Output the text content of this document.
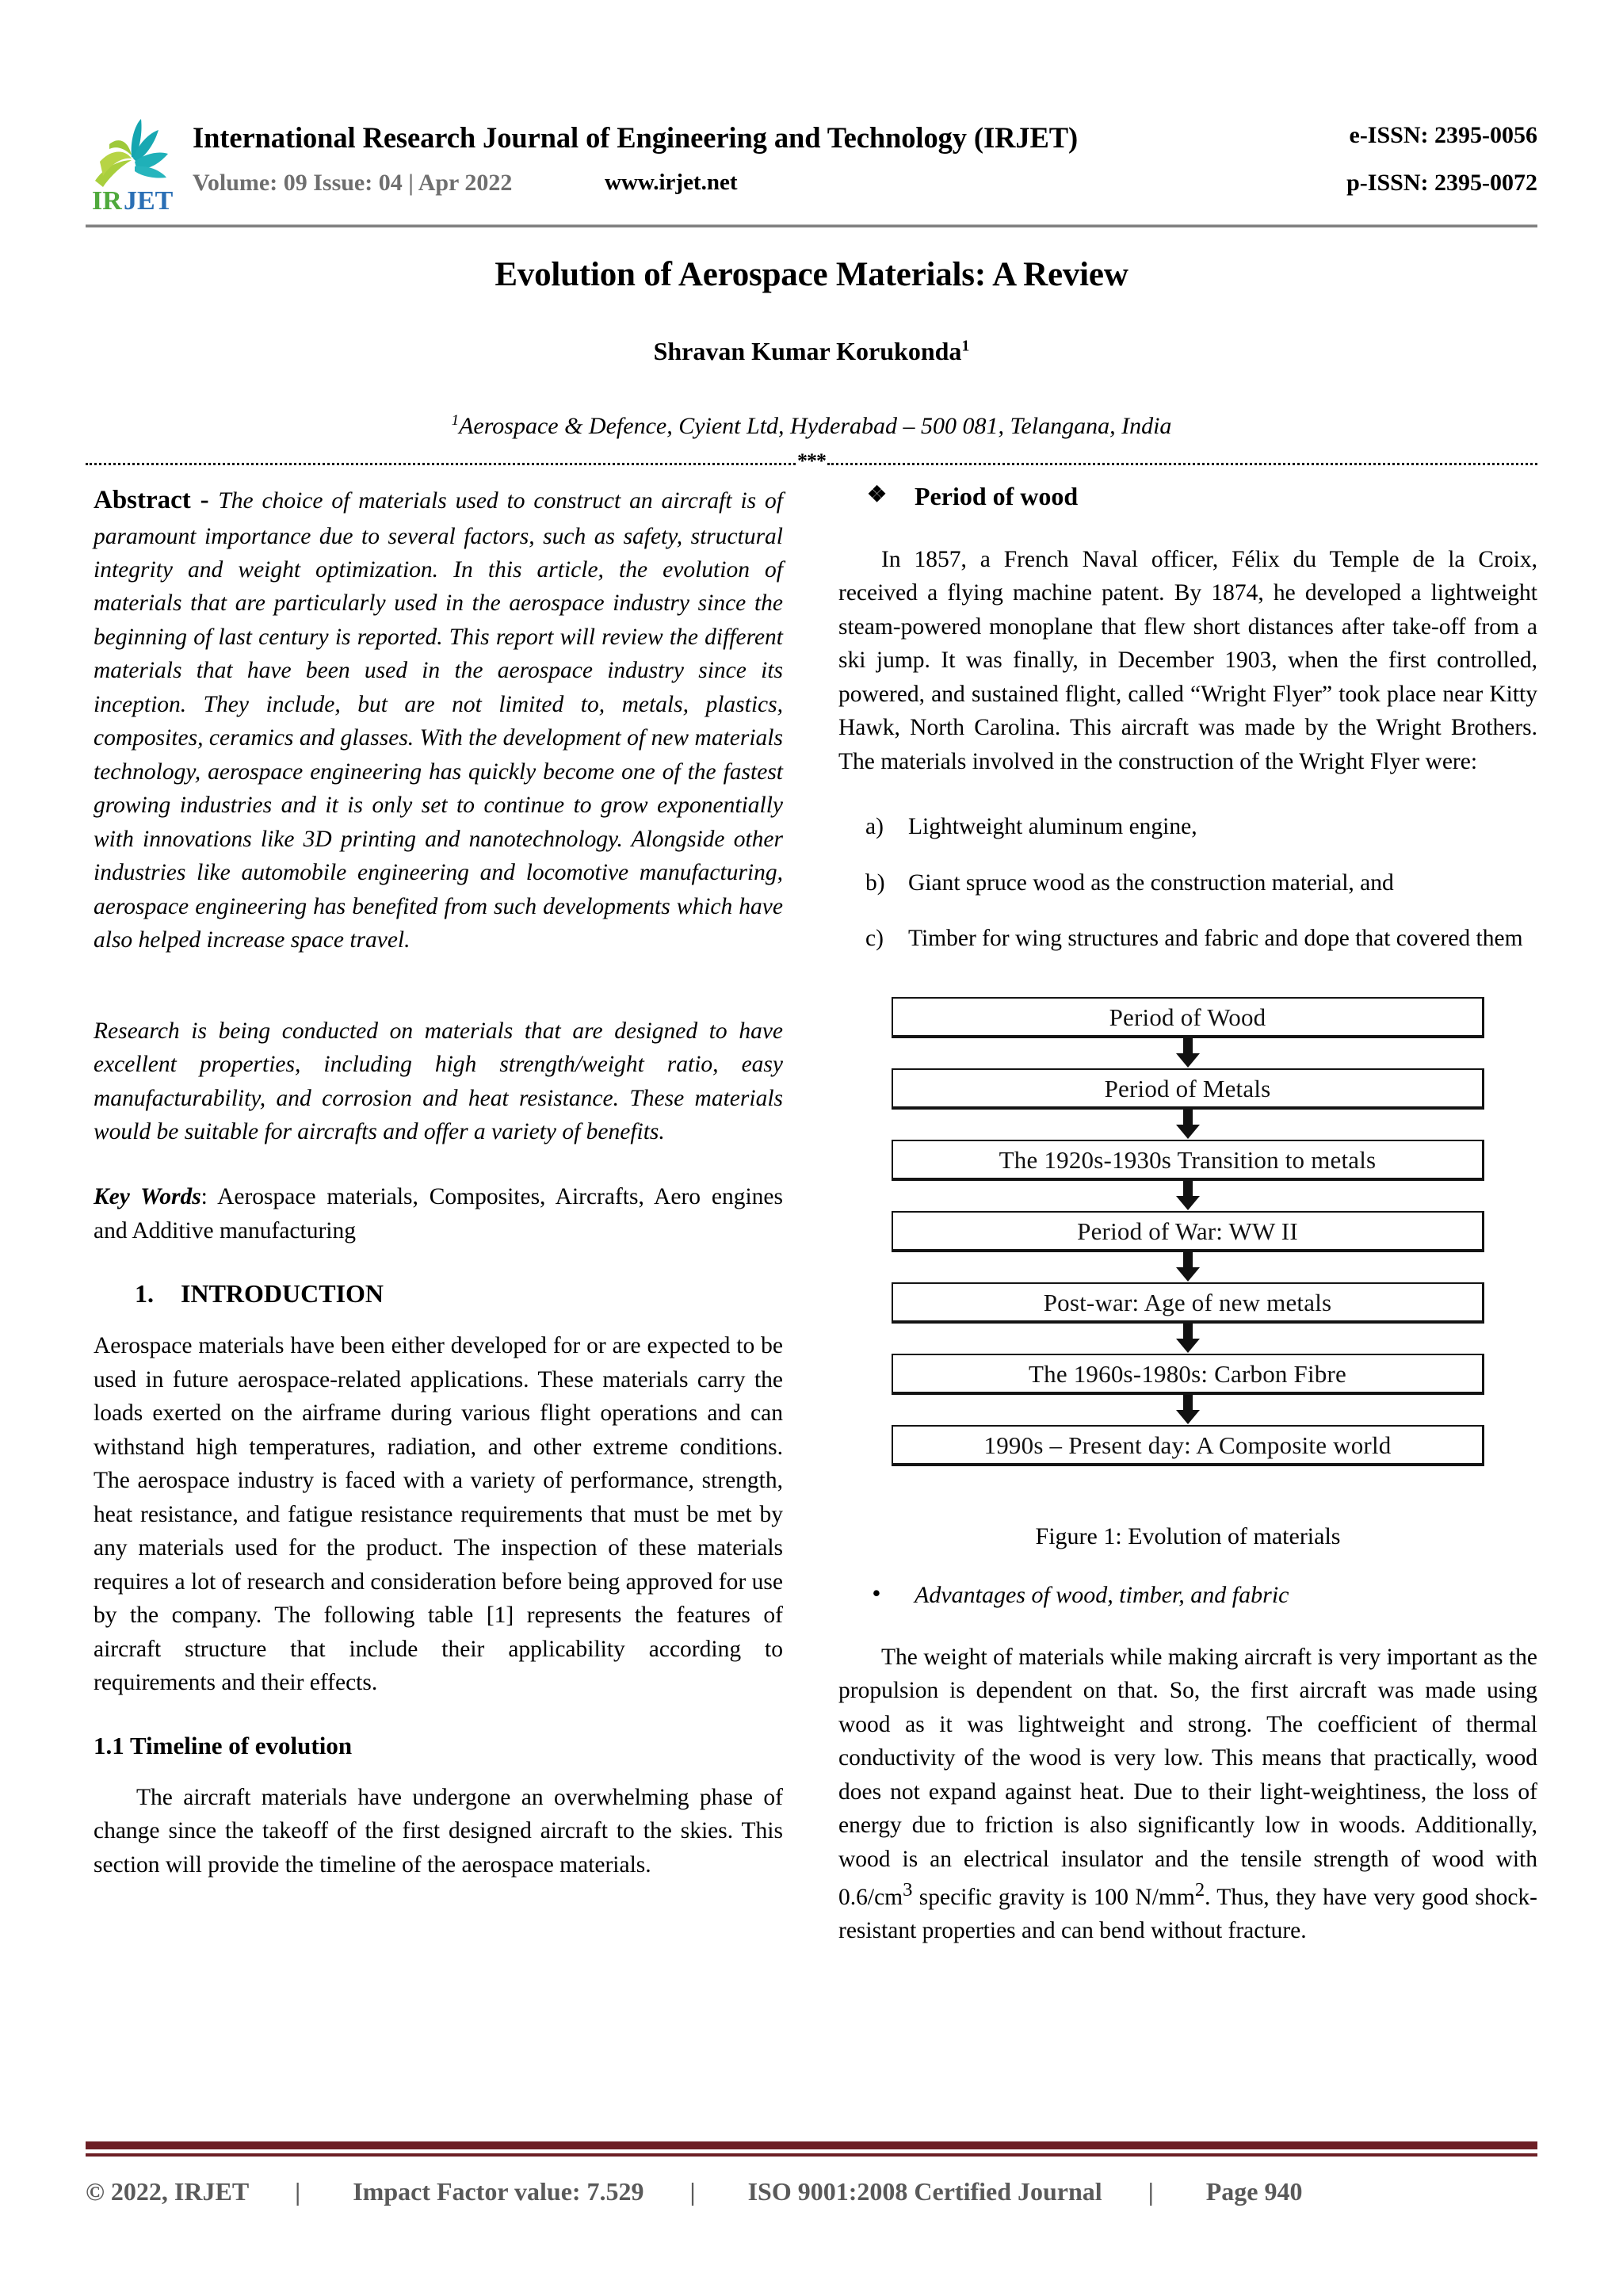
IR JET
International Research Journal of Engineering and Technology (IRJET)
Volume: 09 Issue: 04 | Apr 2022	www.irjet.net
e-ISSN: 2395-0056
p-ISSN: 2395-0072
Evolution of Aerospace Materials: A Review
Shravan Kumar Korukonda$^1$
$^1$Aerospace & Defence, Cyient Ltd, Hyderabad – 500 081, Telangana, India
***

Abstract - The choice of materials used to construct an aircraft is of paramount importance due to several factors, such as safety, structural integrity and weight optimization. In this article, the evolution of materials that are particularly used in the aerospace industry since the beginning of last century is reported. This report will review the different materials that have been used in the aerospace industry since its inception. They include, but are not limited to, metals, plastics, composites, ceramics and glasses. With the development of new materials technology, aerospace engineering has quickly become one of the fastest growing industries and it is only set to continue to grow exponentially with innovations like 3D printing and nanotechnology. Alongside other industries like automobile engineering and locomotive manufacturing, aerospace engineering has benefited from such developments which have also helped increase space travel.

Research is being conducted on materials that are designed to have excellent properties, including high strength/weight ratio, easy manufacturability, and corrosion and heat resistance. These materials would be suitable for aircrafts and offer a variety of benefits.

Key Words: Aerospace materials, Composites, Aircrafts, Aero engines and Additive manufacturing

1. INTRODUCTION

Aerospace materials have been either developed for or are expected to be used in future aerospace-related applications. These materials carry the loads exerted on the airframe during various flight operations and can withstand high temperatures, radiation, and other extreme conditions. The aerospace industry is faced with a variety of performance, strength, heat resistance, and fatigue resistance requirements that must be met by any materials used for the product. The inspection of these materials requires a lot of research and consideration before being approved for use by the company. The following table [1] represents the features of aircraft structure that include their applicability according to requirements and their effects.

1.1 Timeline of evolution

The aircraft materials have undergone an overwhelming phase of change since the takeoff of the first designed aircraft to the skies. This section will provide the timeline of the aerospace materials.

❖ Period of wood

In 1857, a French Naval officer, Félix du Temple de la Croix, received a flying machine patent. By 1874, he developed a lightweight steam-powered monoplane that flew short distances after take-off from a ski jump. It was finally, in December 1903, when the first controlled, powered, and sustained flight, called “Wright Flyer” took place near Kitty Hawk, North Carolina. This aircraft was made by the Wright Brothers. The materials involved in the construction of the Wright Flyer were:

a) Lightweight aluminum engine,
b) Giant spruce wood as the construction material, and
c) Timber for wing structures and fabric and dope that covered them
Period of Wood
Period of Metals
The 1920s-1930s Transition to metals
Period of War: WW II
Post-war: Age of new metals
The 1960s-1980s: Carbon Fibre
1990s – Present day: A Composite world
Figure 1: Evolution of materials

• Advantages of wood, timber, and fabric

The weight of materials while making aircraft is very important as the propulsion is dependent on that. So, the first aircraft was made using wood as it was lightweight and strong. The coefficient of thermal conductivity of the wood is very low. This means that practically, wood does not expand against heat. Due to their light-weightiness, the loss of energy due to friction is also significantly low in woods. Additionally, wood is an electrical insulator and the tensile strength of wood with $0.6/cm^3$ specific gravity is 100 $N/mm^2$. Thus, they have very good shock-resistant properties and can bend without fracture.

© 2022, IRJET | Impact Factor value: 7.529 | ISO 9001:2008 Certified Journal | Page 940
